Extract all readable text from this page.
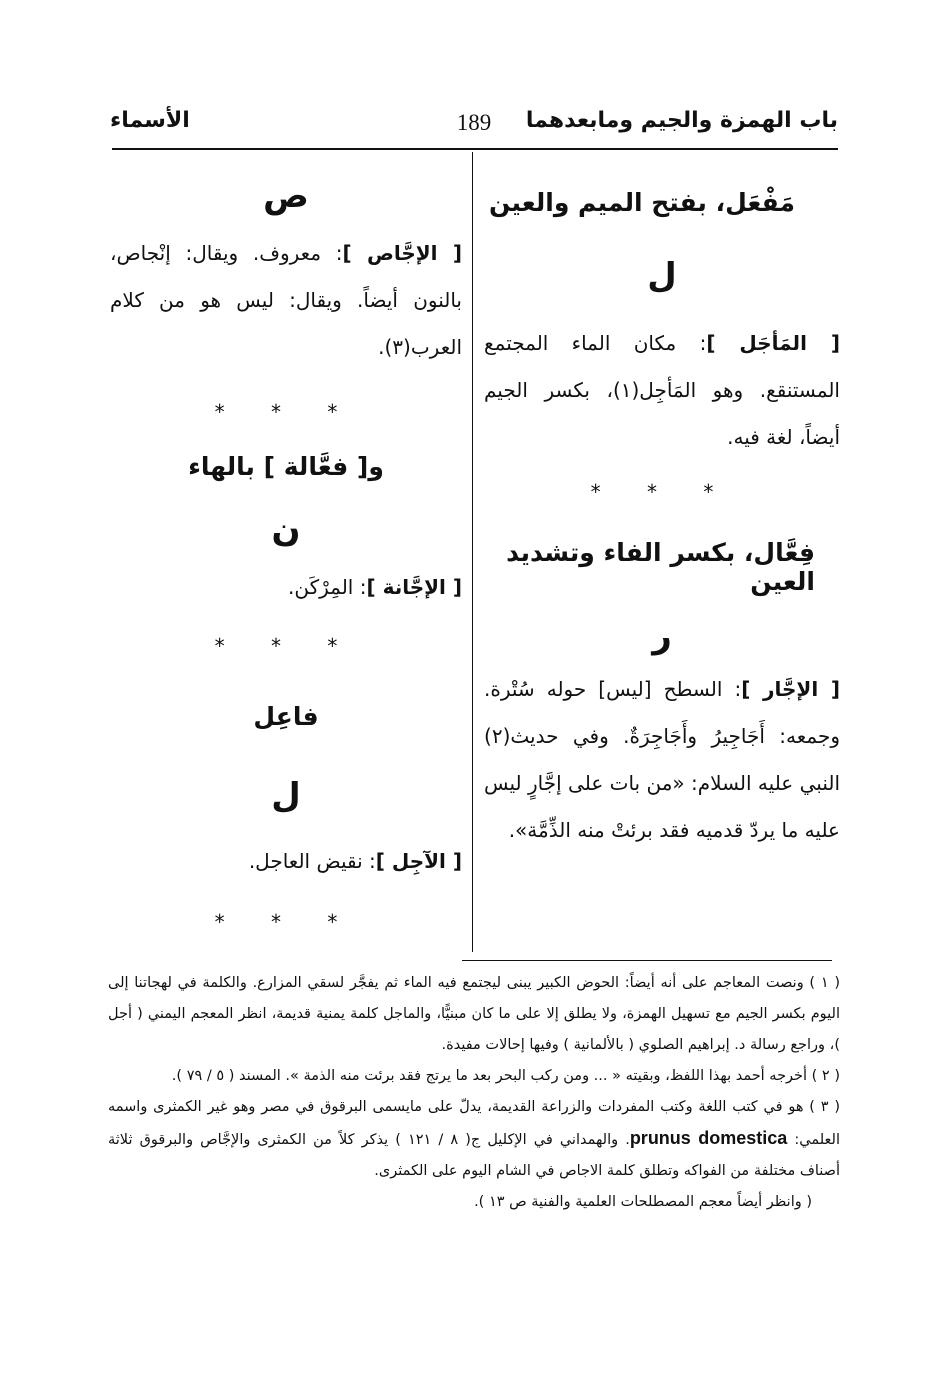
باب الهمزة والجيم ومابعدهما
189
الأسماء
مَفْعَل، بفتح الميم والعين
ل
[ المَأجَل ]: مكان الماء المجتمع المستنقع. وهو المَأجِل(١)، بكسر الجيم أيضاً، لغة فيه.
* * *
فِعَّال، بكسر الفاء وتشديد العين
ر
[ الإجَّار ]: السطح [ليس] حوله سُتْرة. وجمعه: أَجَاجِيرُ وأَجَاجِرَةٌ. وفي حديث(٢) النبي عليه السلام: «من بات على إجَّارٍ ليس عليه ما يردّ قدميه فقد برئتْ منه الذِّمَّة».
ص
[ الإجَّاص ]: معروف. ويقال: إنْجاص، بالنون أيضاً. ويقال: ليس هو من كلام العرب(٣).
* * *
و[ فعَّالة ] بالهاء
ن
[ الإجَّانة ]: المِرْكَن.
* * *
فاعِل
ل
[ الآجِل ]: نقيض العاجل.
* * *
( ١ ) ونصت المعاجم على أنه أيضاً: الحوض الكبير يبنى ليجتمع فيه الماء ثم يفجَّر لسقي المزارع. والكلمة في لهجاتنا إلى اليوم بكسر الجيم مع تسهيل الهمزة، ولا يطلق إلا على ما كان مبنيًّا، والماجل كلمة يمنية قديمة، انظر المعجم اليمني ( أجل )، وراجع رسالة د. إبراهيم الصلوي ( بالألمانية ) وفيها إحالات مفيدة.
( ٢ ) أخرجه أحمد بهذا اللفظ، وبقيته « ... ومن ركب البحر بعد ما يرتج فقد برئت منه الذمة ». المسند ( ٥ / ٧٩ ).
( ٣ ) هو في كتب اللغة وكتب المفردات والزراعة القديمة، يدلّ على مايسمى البرقوق في مصر وهو غير الكمثرى واسمه العلمي: prunus domestica. والهمداني في الإكليل ج( ٨ / ١٢١ ) يذكر كلاً من الكمثرى والإجَّاص والبرقوق ثلاثة أصناف مختلفة من الفواكه وتطلق كلمة الاجاص في الشام اليوم على الكمثرى.
( وانظر أيضاً معجم المصطلحات العلمية والفنية ص ١٣ ).
